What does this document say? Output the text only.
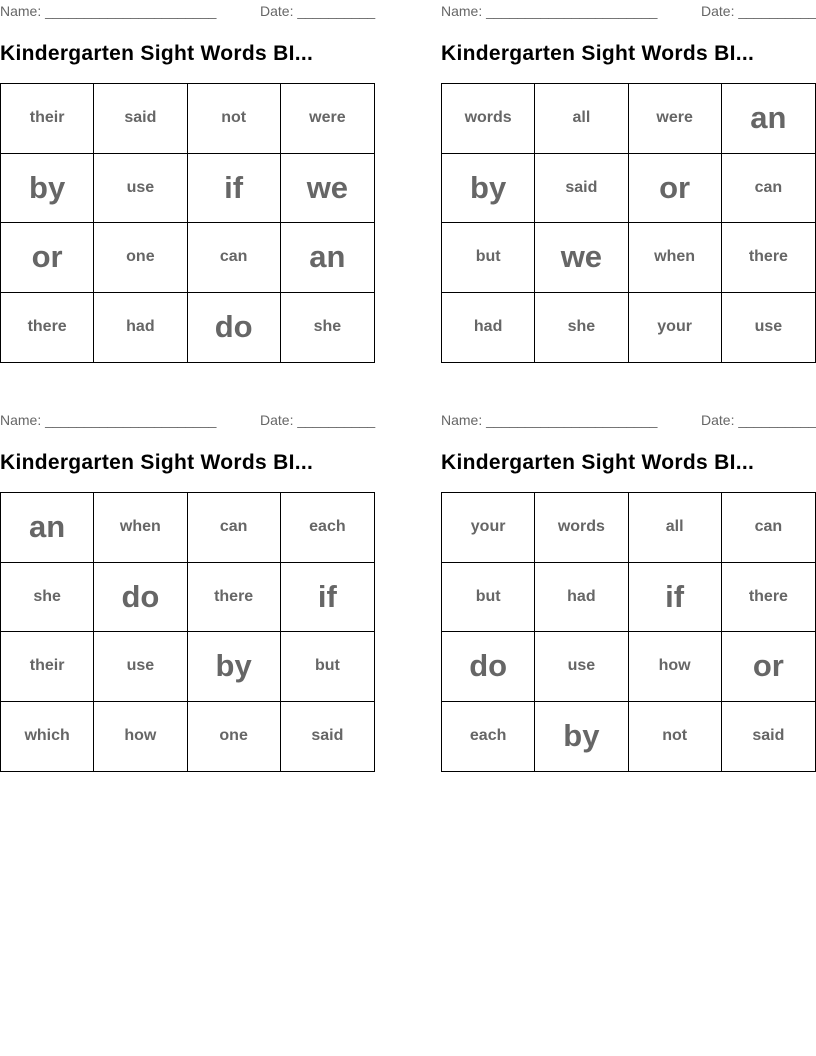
Name: ______________________	Date: __________
Kindergarten Sight Words BI...
their	said	not	were
by	use	if	we
or	one	can	an
there	had	do	she
Name: ______________________	Date: __________
Kindergarten Sight Words BI...
words	all	were	an
by	said	or	can
but	we	when	there
had	she	your	use
Name: ______________________	Date: __________
Kindergarten Sight Words BI...
an	when	can	each
she	do	there	if
their	use	by	but
which	how	one	said
Name: ______________________	Date: __________
Kindergarten Sight Words BI...
your	words	all	can
but	had	if	there
do	use	how	or
each	by	not	said
